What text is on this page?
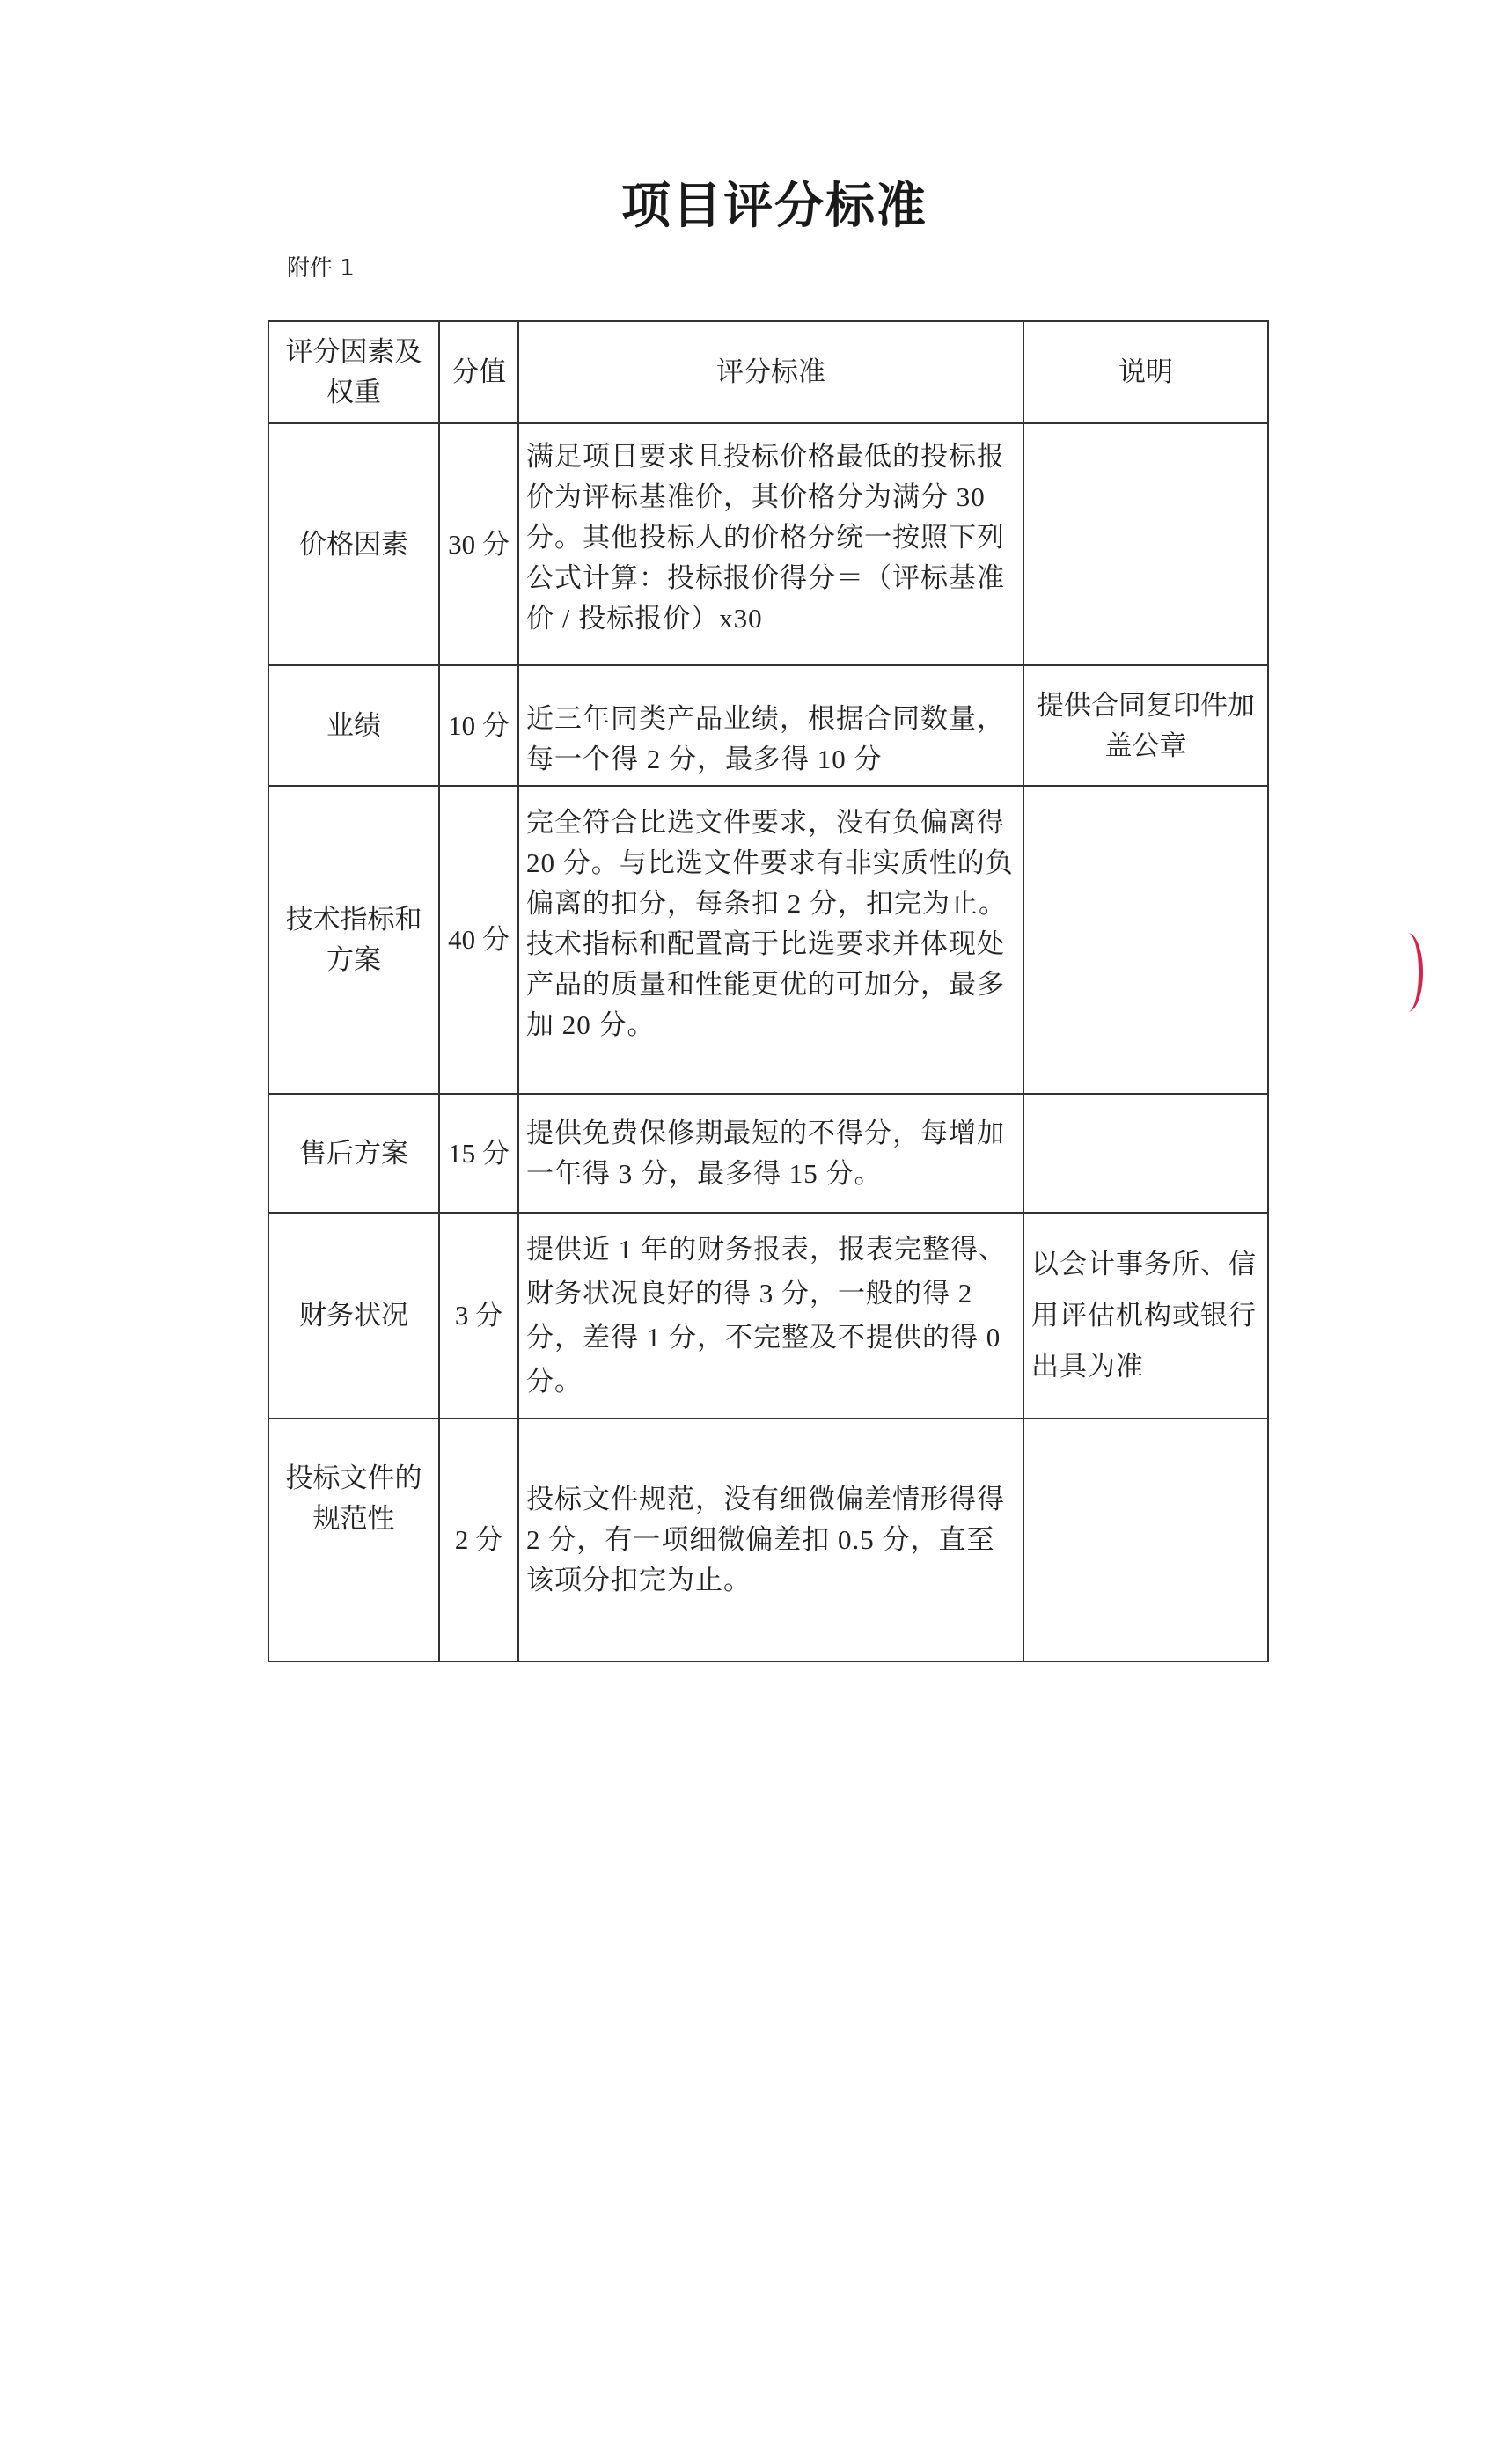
项目评分标准
附件 1
评分因素及权重	分值	评分标准	说明
价格因素	30 分	满足项目要求且投标价格最低的投标报价为评标基准价，其价格分为满分 30 分。其他投标人的价格分统一按照下列公式计算：投标报价得分＝（评标基准价 / 投标报价）x30	
业绩	10 分	近三年同类产品业绩，根据合同数量，每一个得 2 分，最多得 10 分	提供合同复印件加盖公章
技术指标和方案	40 分	完全符合比选文件要求，没有负偏离得 20 分。与比选文件要求有非实质性的负偏离的扣分，每条扣 2 分，扣完为止。技术指标和配置高于比选要求并体现处产品的质量和性能更优的可加分，最多加 20 分。	
售后方案	15 分	提供免费保修期最短的不得分，每增加一年得 3 分，最多得 15 分。	
财务状况	3 分	提供近 1 年的财务报表，报表完整得、财务状况良好的得 3 分，一般的得 2 分，差得 1 分，不完整及不提供的得 0 分。	以会计事务所、信用评估机构或银行出具为准
投标文件的规范性	2 分	投标文件规范，没有细微偏差情形得得 2 分，有一项细微偏差扣 0.5 分，直至该项分扣完为止。	
